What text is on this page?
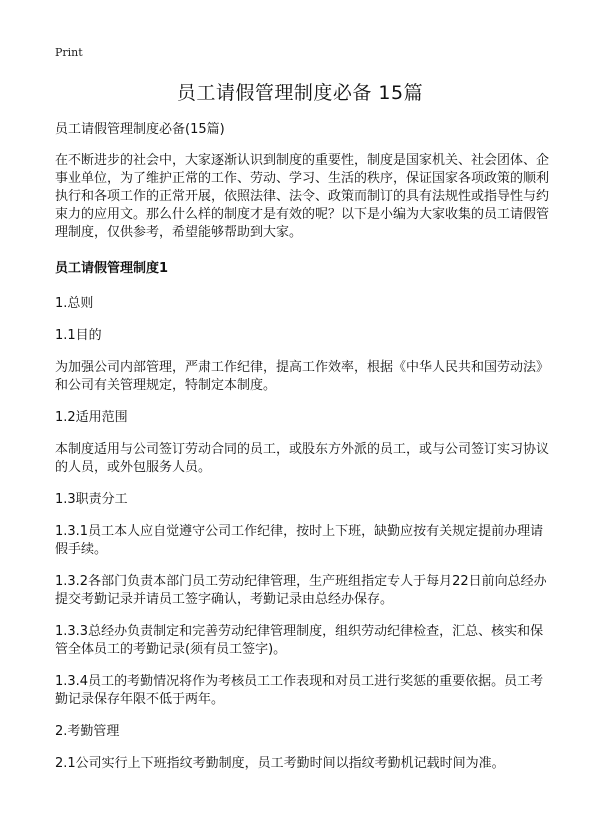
Print
员工请假管理制度必备 15篇

员工请假管理制度必备(15篇)

在不断进步的社会中，大家逐渐认识到制度的重要性，制度是国家机关、社会团体、企事业单位，为了维护正常的工作、劳动、学习、生活的秩序，保证国家各项政策的顺利执行和各项工作的正常开展，依照法律、法令、政策而制订的具有法规性或指导性与约束力的应用文。那么什么样的制度才是有效的呢？以下是小编为大家收集的员工请假管理制度，仅供参考，希望能够帮助到大家。

员工请假管理制度1

1.总则

1.1目的

为加强公司内部管理，严肃工作纪律，提高工作效率，根据《中华人民共和国劳动法》和公司有关管理规定，特制定本制度。

1.2适用范围

本制度适用与公司签订劳动合同的员工，或股东方外派的员工，或与公司签订实习协议的人员，或外包服务人员。

1.3职责分工

1.3.1员工本人应自觉遵守公司工作纪律，按时上下班，缺勤应按有关规定提前办理请假手续。

1.3.2各部门负责本部门员工劳动纪律管理，生产班组指定专人于每月22日前向总经办提交考勤记录并请员工签字确认，考勤记录由总经办保存。

1.3.3总经办负责制定和完善劳动纪律管理制度，组织劳动纪律检查，汇总、核实和保管全体员工的考勤记录(须有员工签字)。

1.3.4员工的考勤情况将作为考核员工工作表现和对员工进行奖惩的重要依据。员工考勤记录保存年限不低于两年。

2.考勤管理

2.1公司实行上下班指纹考勤制度，员工考勤时间以指纹考勤机记载时间为准。
